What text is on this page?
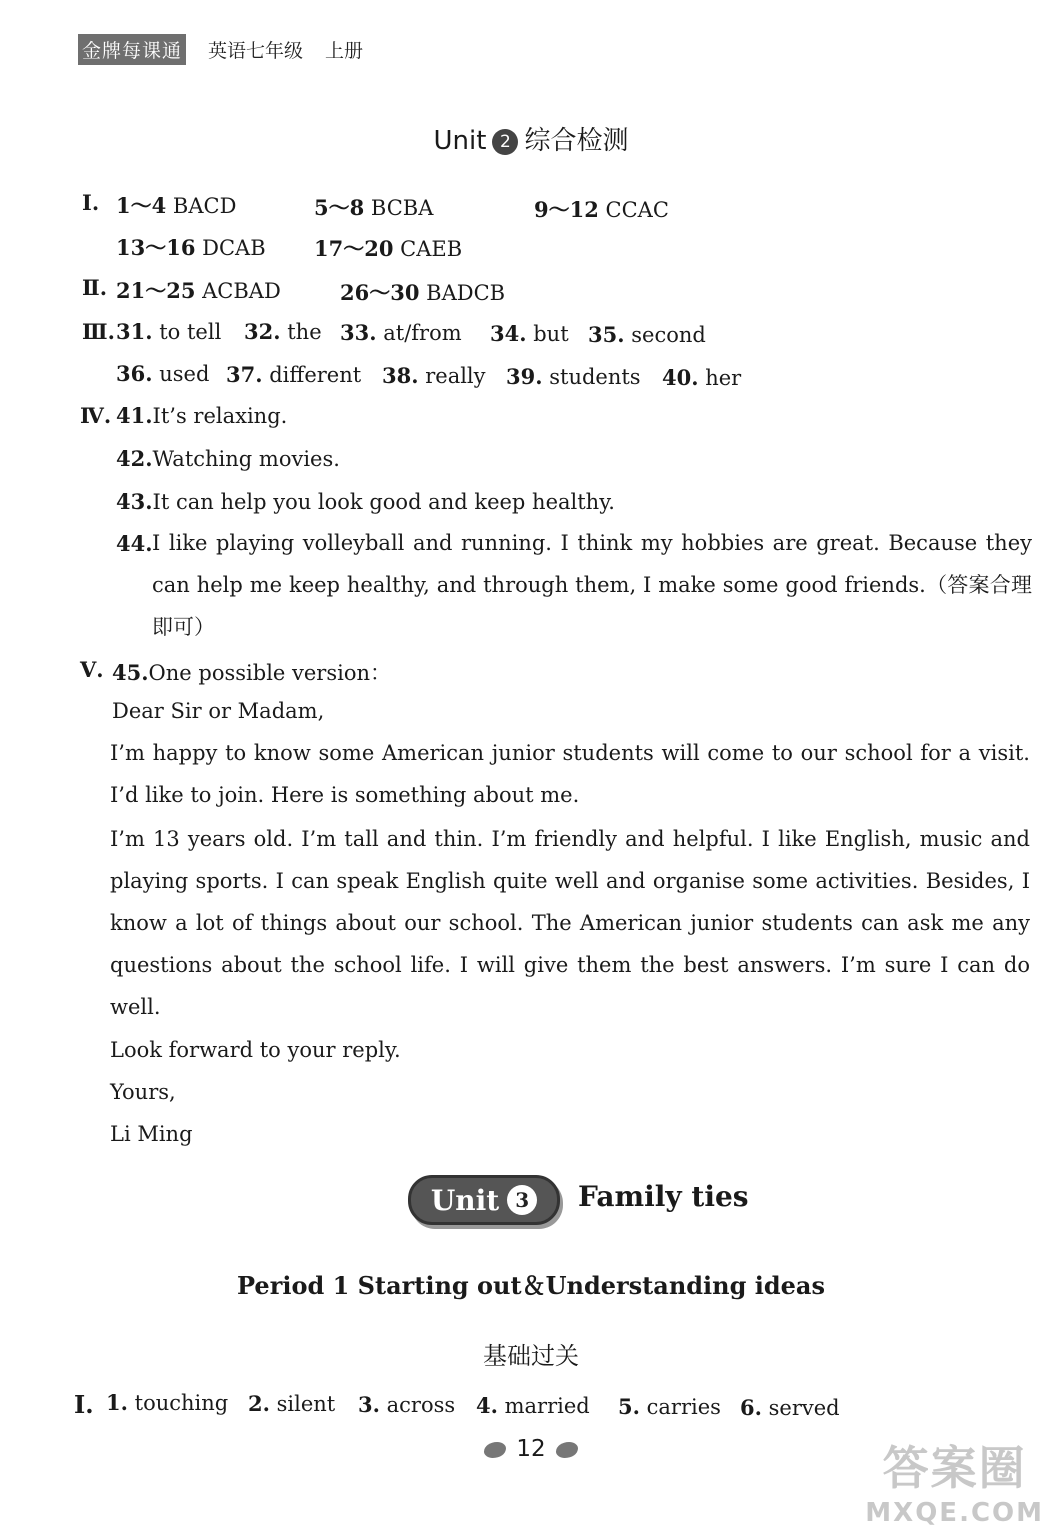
金牌每课通 英语七年级 上册
Unit 2 综合检测
Ⅰ. 1～4 BACD	5～8 BCBA	9～12 CCAC
13～16 DCAB 17～20 CAEB
Ⅱ. 21～25 ACBAD	26～30 BADCB
Ⅲ. 31. to tell 32. the 33. at/from 34. but 35. second
36. used 37. different 38. really 39. students 40. her
Ⅳ. 41.It’s relaxing.
42.Watching movies.
43.It can help you look good and keep healthy.
44. I like playing volleyball and running. I think my hobbies are great. Because they can help me keep healthy, and through them, I make some good friends.（答案合理即可）
Ⅴ. 45.One possible version：
Dear Sir or Madam,
I’m happy to know some American junior students will come to our school for a visit. I’d like to join. Here is something about me.
I’m 13 years old. I’m tall and thin. I’m friendly and helpful. I like English, music and playing sports. I can speak English quite well and organise some activities. Besides, I know a lot of things about our school. The American junior students can ask me any questions about the school life. I will give them the best answers. I’m sure I can do well.
Look forward to your reply.
Yours,
Li Ming
Unit 3 Family ties
Period 1 Starting out＆Understanding ideas
基础过关
Ⅰ. 1. touching 2. silent 3. across 4. married 5. carries 6. served
12	答案圈
MXQE.COM
